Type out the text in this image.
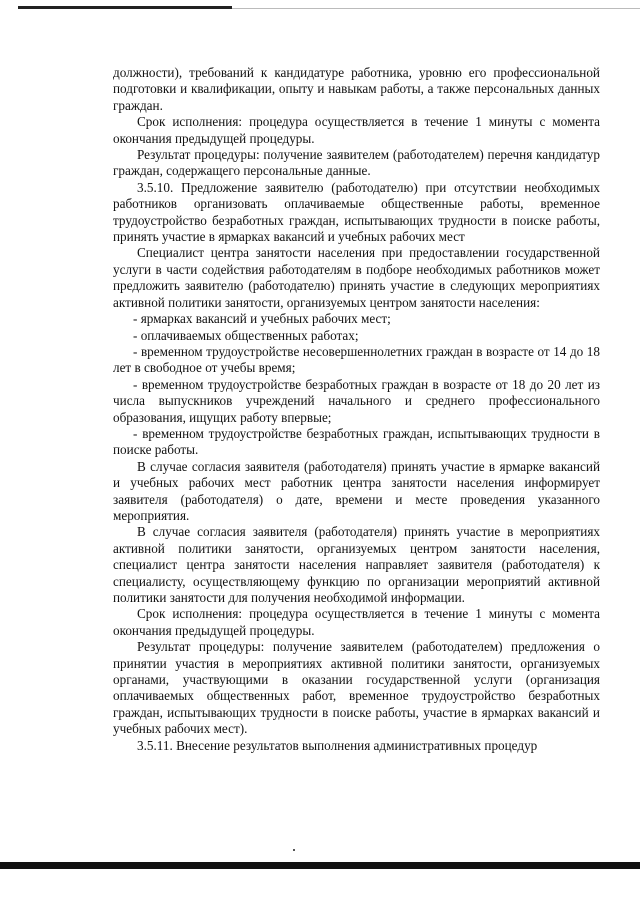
должности), требований к кандидатуре работника, уровню его профессиональной подготовки и квалификации, опыту и навыкам работы, а также персональных данных граждан.

Срок исполнения: процедура осуществляется в течение 1 минуты с момента окончания предыдущей процедуры.

Результат процедуры: получение заявителем (работодателем) перечня кандидатур граждан, содержащего персональные данные.

3.5.10. Предложение заявителю (работодателю) при отсутствии необходимых работников организовать оплачиваемые общественные работы, временное трудоустройство безработных граждан, испытывающих трудности в поиске работы, принять участие в ярмарках вакансий и учебных рабочих мест

Специалист центра занятости населения при предоставлении государственной услуги в части содействия работодателям в подборе необходимых работников может предложить заявителю (работодателю) принять участие в следующих мероприятиях активной политики занятости, организуемых центром занятости населения:

- ярмарках вакансий и учебных рабочих мест;

- оплачиваемых общественных работах;

- временном трудоустройстве несовершеннолетних граждан в возрасте от 14 до 18 лет в свободное от учебы время;

- временном трудоустройстве безработных граждан в возрасте от 18 до 20 лет из числа выпускников учреждений начального и среднего профессионального образования, ищущих работу впервые;

- временном трудоустройстве безработных граждан, испытывающих трудности в поиске работы.

В случае согласия заявителя (работодателя) принять участие в ярмарке вакансий и учебных рабочих мест работник центра занятости населения информирует заявителя (работодателя) о дате, времени и месте проведения указанного мероприятия.

В случае согласия заявителя (работодателя) принять участие в мероприятиях активной политики занятости, организуемых центром занятости населения, специалист центра занятости населения направляет заявителя (работодателя) к специалисту, осуществляющему функцию по организации мероприятий активной политики занятости для получения необходимой информации.

Срок исполнения: процедура осуществляется в течение 1 минуты с момента окончания предыдущей процедуры.

Результат процедуры: получение заявителем (работодателем) предложения о принятии участия в мероприятиях активной политики занятости, организуемых органами, участвующими в оказании государственной услуги (организация оплачиваемых общественных работ, временное трудоустройство безработных граждан, испытывающих трудности в поиске работы, участие в ярмарках вакансий и учебных рабочих мест).

3.5.11. Внесение результатов выполнения административных процедур
